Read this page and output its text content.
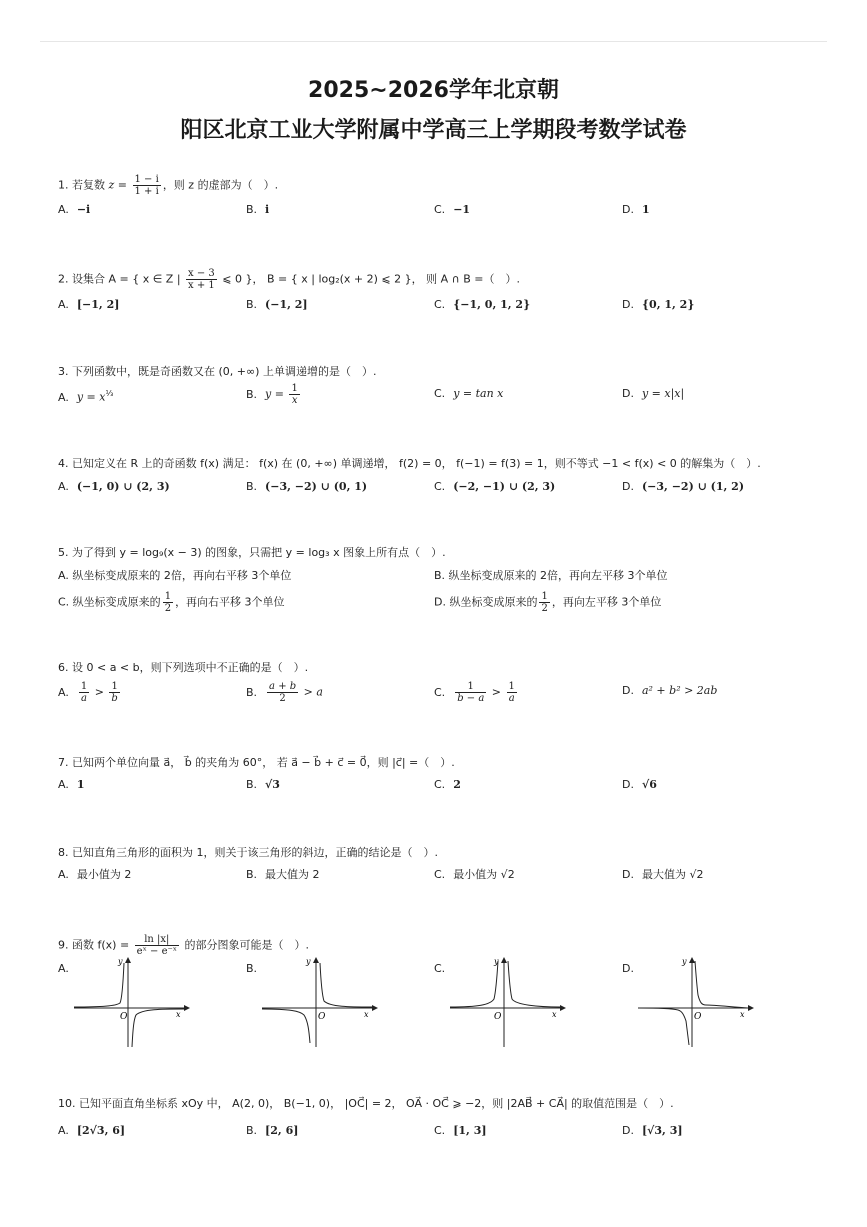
2025~2026学年北京朝
阳区北京工业大学附属中学高三上学期段考数学试卷
1. 若复数 $z = \frac{1 - i}{1 + i}$ ，则 z 的虚部为（　）.
A. −i	B. i	C. −1	D. 1
2. 设集合 A = { x ∈ Z | $\frac{x - 3}{x + 1}$ ⩽ 0 }， B = { x | log₂(x + 2) ⩽ 2 }， 则 A ∩ B =（　）.
A. [−1, 2]	B. (−1, 2]	C. {−1, 0, 1, 2}	D. {0, 1, 2}
3. 下列函数中，既是奇函数又在 (0, +∞) 上单调递增的是（　）.
A. $y = x^{\frac{1}{3}}$	B. $y = \frac{1}{x}$	C. y = tan x	D. y = x|x|
4. 已知定义在 R 上的奇函数 f(x) 满足： f(x) 在 (0, +∞) 单调递增， f(2) = 0， f(−1) = f(3) = 1，则不等式 −1 < f(x) < 0 的解集为（　）.
A. (−1, 0) ∪ (2, 3)	B. (−3, −2) ∪ (0, 1)	C. (−2, −1) ∪ (2, 3)	D. (−3, −2) ∪ (1, 2)
5. 为了得到 y = log₉(x − 3) 的图象，只需把 y = log₃ x 图象上所有点（　）.
A. 纵坐标变成原来的 2倍，再向右平移 3个单位	B. 纵坐标变成原来的 2倍，再向左平移 3个单位
C. 纵坐标变成原来的 $\frac{1}{2}$ ，再向右平移 3个单位	D. 纵坐标变成原来的 $\frac{1}{2}$ ，再向左平移 3个单位
6. 设 0 < a < b，则下列选项中不正确的是（　）.
A. $\frac{1}{a} > \frac{1}{b}$	B. $\frac{a + b}{2} > a$	C. $\frac{1}{b - a} > \frac{1}{a}$	D. a² + b² > 2ab
7. 已知两个单位向量 a⃗， b⃗ 的夹角为 60°， 若 a⃗ − b⃗ + c⃗ = 0⃗，则 |c⃗| =（　）.
A. 1	B. √3	C. 2	D. √6
8. 已知直角三角形的面积为 1，则关于该三角形的斜边，正确的结论是（　）.
A. 最小值为 2	B. 最大值为 2	C. 最小值为 √2	D. 最大值为 √2
9. 函数 $f(x) = \frac{\ln |x|}{\text{eˣ − e⁻ˣ}}$ 的部分图象可能是（　）.
A.	B.	C.	D.
O	x
y
O	x
y
O	x
y
O	x
y
10. 已知平面直角坐标系 xOy 中， A(2, 0)， B(−1, 0)， |OC⃗| = 2， OA⃗ · OC⃗ ⩾ −2，则 |2AB⃗ + CA⃗| 的取值范围是（　）.
A. [2√3, 6]	B. [2, 6]	C. [1, 3]	D. [√3, 3]
